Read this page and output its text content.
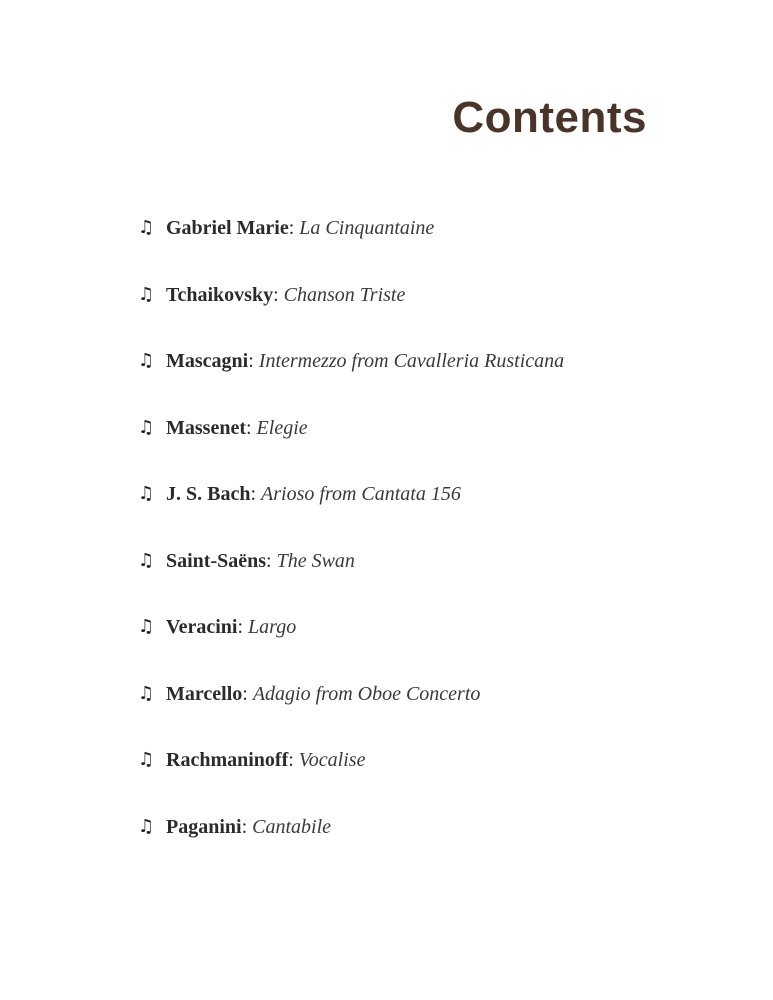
Contents
♫ Gabriel Marie : La Cinquantaine
♫ Tchaikovsky : Chanson Triste
♫ Mascagni : Intermezzo from Cavalleria Rusticana
♫ Massenet : Elegie
♫ J. S. Bach : Arioso from Cantata 156
♫ Saint-Saëns : The Swan
♫ Veracini : Largo
♫ Marcello : Adagio from Oboe Concerto
♫ Rachmaninoff : Vocalise
♫ Paganini : Cantabile
